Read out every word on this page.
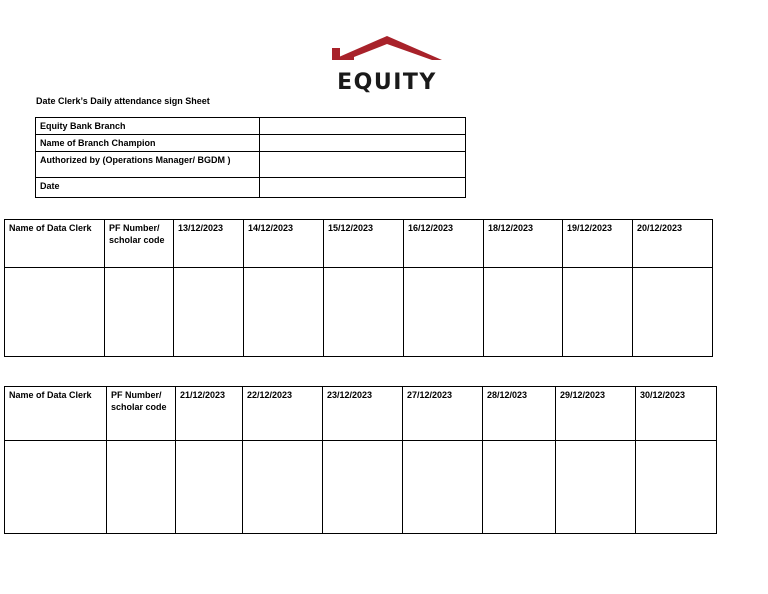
EQUITY
Date Clerk’s Daily attendance sign Sheet
Equity Bank Branch	
Name of Branch Champion	
Authorized by (Operations Manager/ BGDM )	
Date	
Name of Data Clerk	PF Number/ scholar code	13/12/2023	14/12/2023	15/12/2023	16/12/2023	18/12/2023	19/12/2023	20/12/2023

Name of Data Clerk	PF Number/ scholar code	21/12/2023	22/12/2023	23/12/2023	27/12/2023	28/12/023	29/12/2023	30/12/2023
